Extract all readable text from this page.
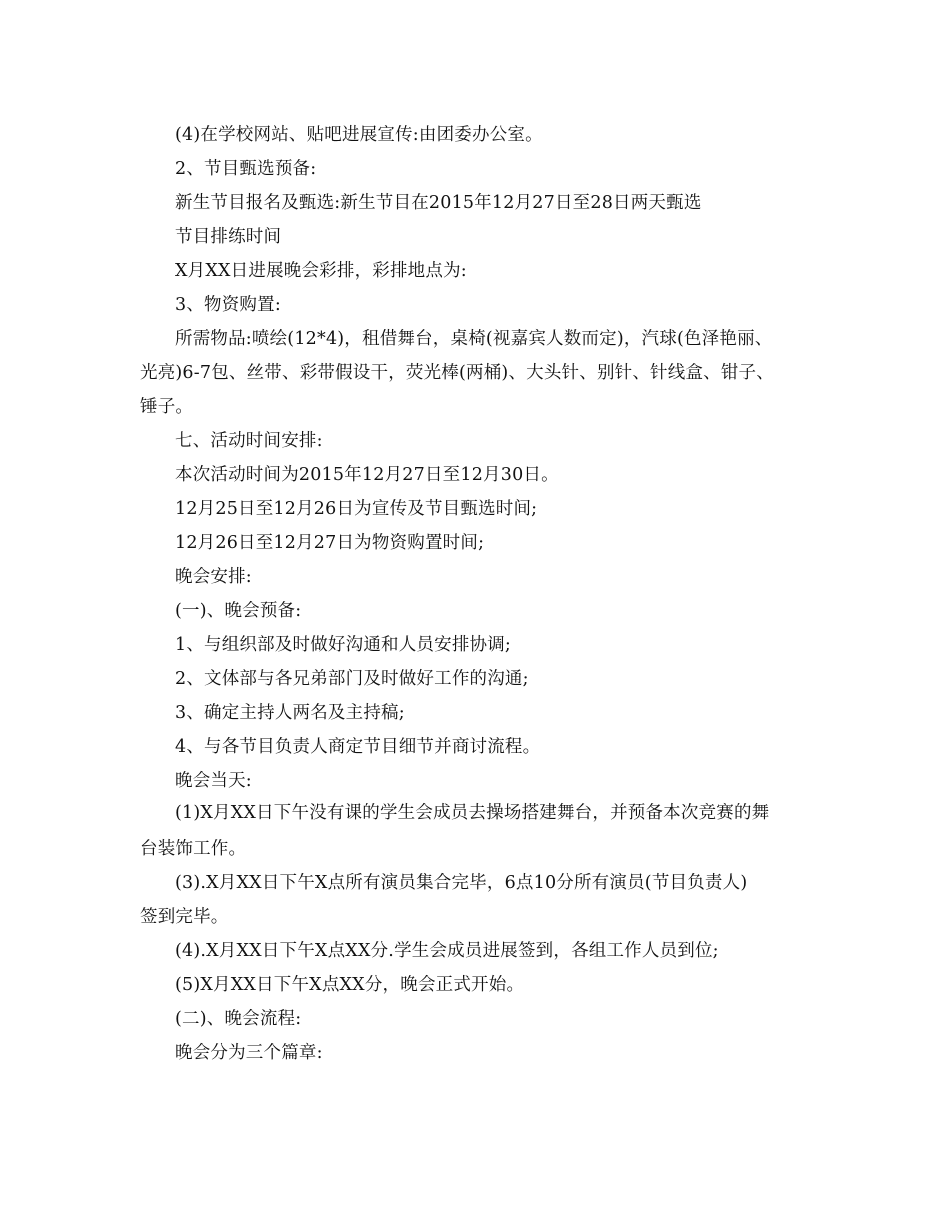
(4)在学校网站、贴吧进展宣传:由团委办公室。
2、节目甄选预备:
新生节目报名及甄选:新生节目在2015年12月27日至28日两天甄选
节目排练时间
X月XX日进展晚会彩排，彩排地点为:
3、物资购置:
所需物品:喷绘(12*4)，租借舞台，桌椅(视嘉宾人数而定)，汽球(色泽艳丽、
光亮)6-7包、丝带、彩带假设干，荧光棒(两桶)、大头针、别针、针线盒、钳子、
锤子。
七、活动时间安排:
本次活动时间为2015年12月27日至12月30日。
12月25日至12月26日为宣传及节目甄选时间;
12月26日至12月27日为物资购置时间;
晚会安排:
(一)、晚会预备:
1、与组织部及时做好沟通和人员安排协调;
2、文体部与各兄弟部门及时做好工作的沟通;
3、确定主持人两名及主持稿;
4、与各节目负责人商定节目细节并商讨流程。
晚会当天:
(1)X月XX日下午没有课的学生会成员去操场搭建舞台，并预备本次竞赛的舞
台装饰工作。
(3).X月XX日下午X点所有演员集合完毕，6点10分所有演员(节目负责人)
签到完毕。
(4).X月XX日下午X点XX分.学生会成员进展签到，各组工作人员到位;
(5)X月XX日下午X点XX分，晚会正式开始。
(二)、晚会流程:
晚会分为三个篇章:
